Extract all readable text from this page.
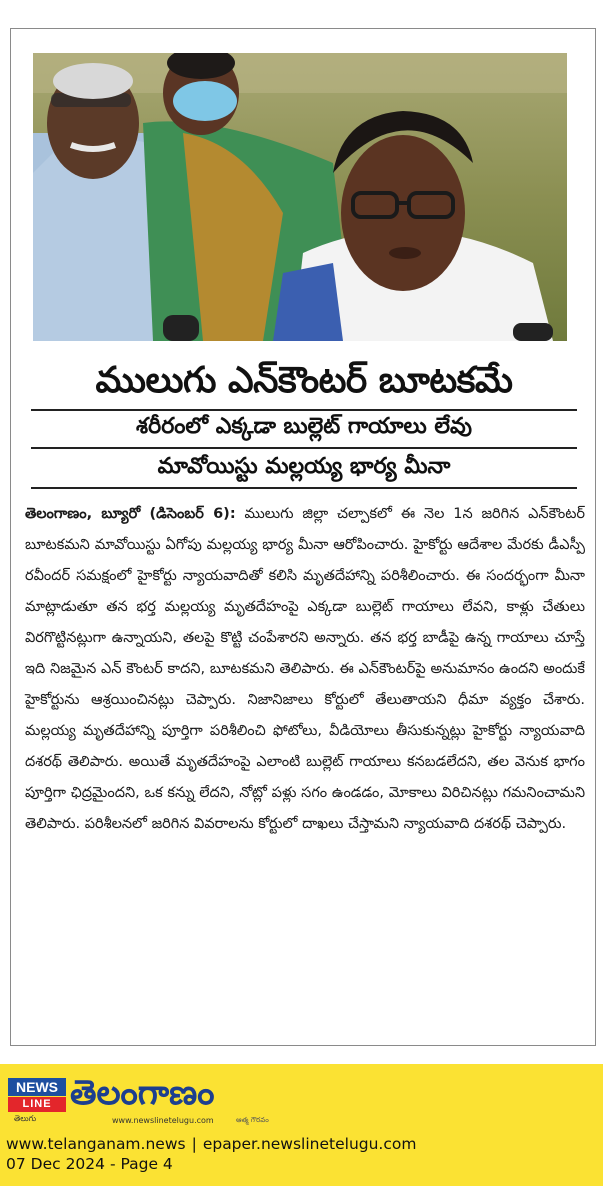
ములుగు ఎన్‌కౌంటర్ బూటకమే
శరీరంలో ఎక్కడా బుల్లెట్ గాయాలు లేవు
మావోయిస్టు మల్లయ్య భార్య మీనా
తెలంగాణం, బ్యూరో (డిసెంబర్ 6): ములుగు జిల్లా చల్పాకలో ఈ నెల 1న జరిగిన ఎన్‌కౌంటర్ బూటకమని మావోయిస్టు ఏగోపు మల్లయ్య భార్య మీనా ఆరోపించారు. హైకోర్టు ఆదేశాల మేరకు డీఎస్పీ రవీందర్ సమక్షంలో హైకోర్టు న్యాయవాదితో కలిసి మృతదేహాన్ని పరిశీలించారు. ఈ సందర్భంగా మీనా మాట్లాడుతూ తన భర్త మల్లయ్య మృతదేహంపై ఎక్కడా బుల్లెట్ గాయాలు లేవని, కాళ్లు చేతులు విరగొట్టినట్లుగా ఉన్నాయని, తలపై కొట్టి చంపేశారని అన్నారు. తన భర్త బాడీపై ఉన్న గాయాలు చూస్తే ఇది నిజమైన ఎన్ కౌంటర్ కాదని, బూటకమని తెలిపారు. ఈ ఎన్‌కౌంటర్‌పై అనుమానం ఉందని అందుకే హైకోర్టును ఆశ్రయించినట్లు చెప్పారు. నిజానిజాలు కోర్టులో తేలుతాయని ధీమా వ్యక్తం చేశారు. మల్లయ్య మృతదేహాన్ని పూర్తిగా పరిశీలించి ఫోటోలు, వీడియోలు తీసుకున్నట్లు హైకోర్టు న్యాయవాది దశరథ్ తెలిపారు. అయితే మృతదేహంపై ఎలాంటి బుల్లెట్ గాయాలు కనబడలేదని, తల వెనుక భాగం పూర్తిగా ఛిద్రమైందని, ఒక కన్ను లేదని, నోట్లో పళ్లు సగం ఉండడం, మోకాలు విరిచినట్లు గమనించామని తెలిపారు. పరిశీలనలో జరిగిన వివరాలను కోర్టులో దాఖలు చేస్తామని న్యాయవాది దశరథ్ చెప్పారు.
NEWS
LINE
తెలుగు
తెలంగాణం
www.newslinetelugu.com	ఆత్మ గౌరవం
www.telanganam.news | epaper.newslinetelugu.com
07 Dec 2024 - Page 4
